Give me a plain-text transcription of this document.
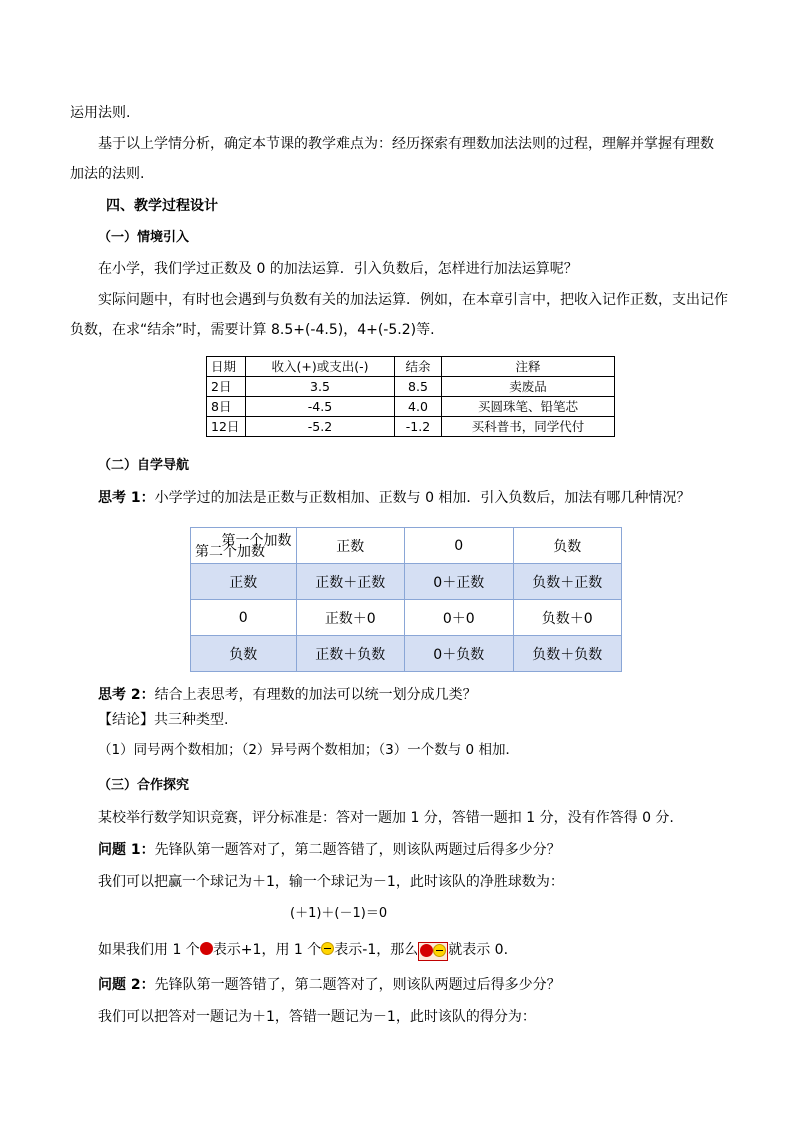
运用法则.
基于以上学情分析，确定本节课的教学难点为：经历探索有理数加法法则的过程，理解并掌握有理数
加法的法则.
四、教学过程设计
（一）情境引入
在小学，我们学过正数及 0 的加法运算．引入负数后，怎样进行加法运算呢？
实际问题中，有时也会遇到与负数有关的加法运算．例如，在本章引言中，把收入记作正数，支出记作
负数，在求“结余”时，需要计算 8.5+(-4.5)，4+(-5.2)等.
日期	收入(+)或支出(-)	结余	注释
2日	3.5	8.5	卖废品
8日	-4.5	4.0	买圆珠笔、铅笔芯
12日	-5.2	-1.2	买科普书，同学代付
（二）自学导航
思考 1：小学学过的加法是正数与正数相加、正数与 0 相加．引入负数后，加法有哪几种情况？
第一个加数
第二个加数	正数	0	负数
正数	正数＋正数	0＋正数	负数＋正数
0	正数＋0	0＋0	负数＋0
负数	正数＋负数	0＋负数	负数＋负数
思考 2：结合上表思考，有理数的加法可以统一划分成几类？
【结论】共三种类型.
（1）同号两个数相加；（2）异号两个数相加；（3）一个数与 0 相加．
（三）合作探究
某校举行数学知识竞赛，评分标准是：答对一题加 1 分，答错一题扣 1 分，没有作答得 0 分.
问题 1：先锋队第一题答对了，第二题答错了，则该队两题过后得多少分？
我们可以把赢一个球记为＋1，输一个球记为－1，此时该队的净胜球数为：
(＋1)＋(－1)＝0
如果我们用 1 个 表示+1，用 1 个 表示-1，那么 就表示 0.
问题 2：先锋队第一题答错了，第二题答对了，则该队两题过后得多少分？
我们可以把答对一题记为＋1，答错一题记为－1，此时该队的得分为：
